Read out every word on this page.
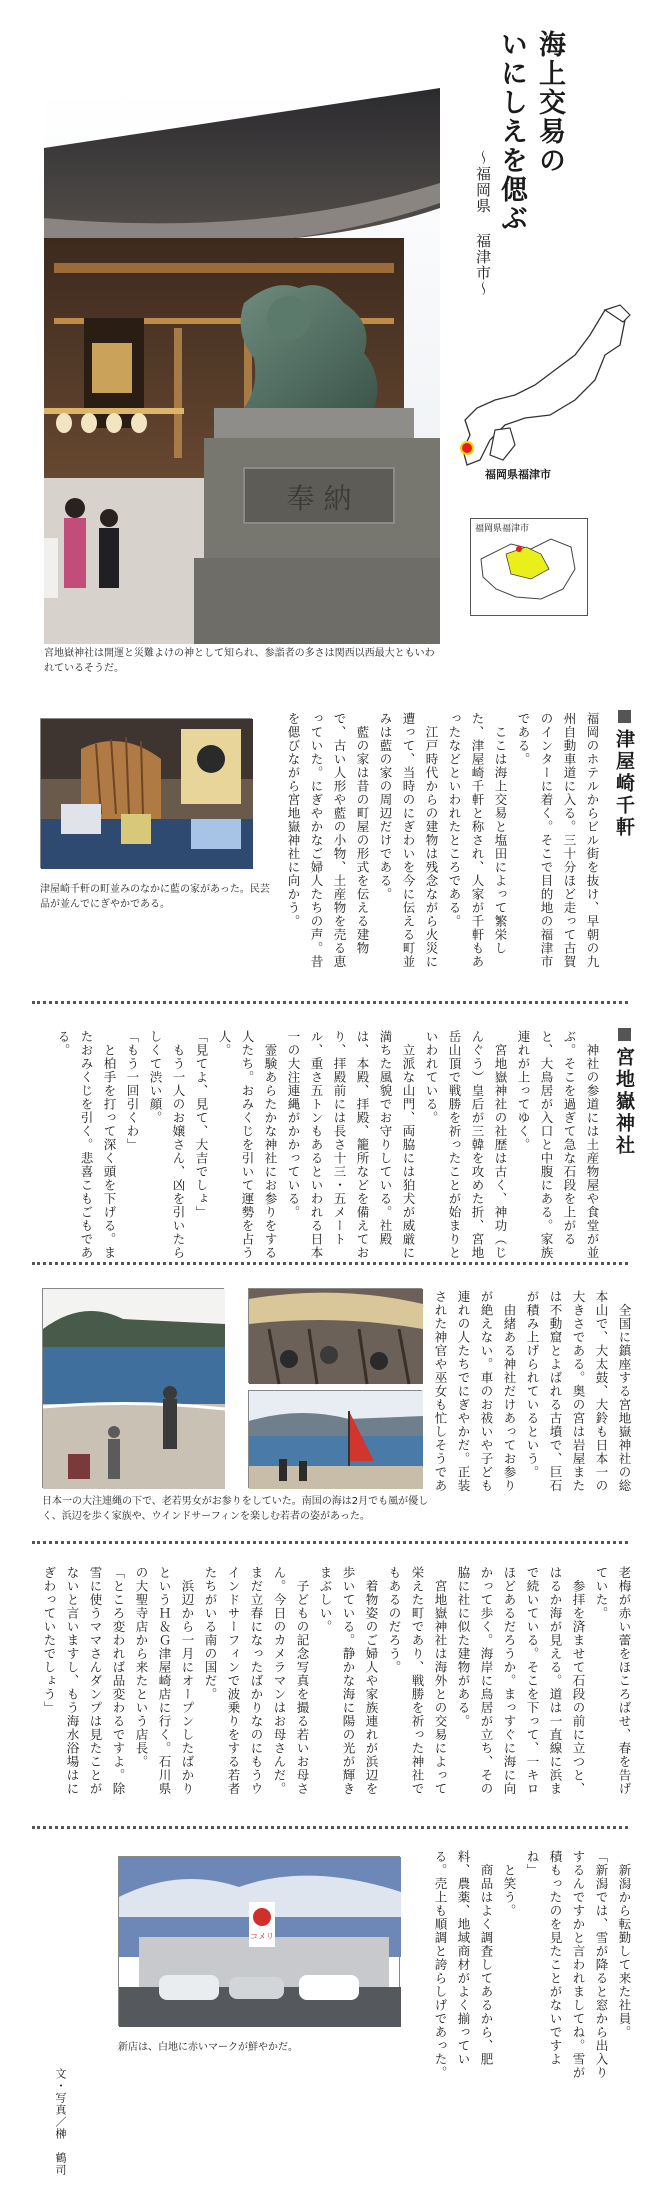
海上交易の
いにしえを偲ぶ
〜福岡県 福津市〜
奉 納
宮地嶽神社は開運と災難よけの神として知られ、参詣者の多さは関西以西最大ともいわれているそうだ。
福岡県福津市
福岡県福津市
津屋崎千軒
福岡のホテルからビル街を抜け、早朝の九州自動車道に入る。三十分ほど走って古賀のインターに着く。そこで目的地の福津市である。
　ここは海上交易と塩田によって繁栄した、津屋崎千軒と称され、人家が千軒もあったなどといわれたところである。
　江戸時代からの建物は残念ながら火災に遭って、当時のにぎわいを今に伝える町並みは藍の家の周辺だけである。
　藍の家は昔の町屋の形式を伝える建物で、古い人形や藍の小物、土産物を売る恵っていた。にぎやかなご婦人たちの声。昔を偲びながら宮地嶽神社に向かう。
津屋崎千軒の町並みのなかに藍の家があった。民芸品が並んでにぎやかである。
宮地嶽神社
　神社の参道には土産物屋や食堂が並ぶ。そこを過ぎて急な石段を上がると、大鳥居が入口と中腹にある。家族連れが上ってゆく。
　宮地嶽神社の社歴は古く、神功（じんぐう）皇后が三韓を攻めた折、宮地岳山頂で戦勝を祈ったことが始まりといわれている。
　立派な山門、両脇には狛犬が威厳に満ちた風貌でお守りしている。社殿は、本殿、拝殿、籠所などを備えており、拝殿前には長さ十三・五メートル、重さ五トンもあるといわれる日本一の大注連縄がかかっている。
　霊験あらたかな神社にお参りをする人たち。おみくじを引いて運勢を占う人。
「見てよ、見て、大吉でしょ」
　もう一人のお嬢さん、凶を引いたらしくて渋い顔。
「もう一回引くわ」
　と柏手を打って深く頭を下げる。またおみくじを引く。悲喜こもごもである。
　全国に鎮座する宮地嶽神社の総本山で、大太鼓、大鈴も日本一の大きさである。奥の宮は岩屋または不動窟とよばれる古墳で、巨石が積み上げられているという。
　由緒ある神社だけあってお参りが絶えない。車のお祓いや子ども連れの人たちでにぎやかだ。正装された神官や巫女も忙しそうであ
日本一の大注連縄の下で、老若男女がお参りをしていた。南国の海は2月でも風が優しく、浜辺を歩く家族や、ウインドサーフィンを楽しむ若者の姿があった。
老梅が赤い蕾をほころばせ、春を告げていた。
　参拝を済ませて石段の前に立つと、はるか海が見える。道は一直線に浜まで続いている。そこを下って、一キロほどあるだろうか。まっすぐに海に向かって歩く。海岸に鳥居が立ち、その脇に社に似た建物がある。
　宮地嶽神社は海外との交易によって栄えた町であり、戦勝を祈った神社でもあるのだろう。
　着物姿のご婦人や家族連れが浜辺を歩いている。静かな海に陽の光が輝きまぶしい。
　子どもの記念写真を撮る若いお母さん。今日のカメラマンはお母さんだ。まだ立春になったばかりなのにもうウインドサーフィンで波乗りをする若者たちがいる南の国だ。
　浜辺から一月にオープンしたばかりというＨ＆Ｇ津屋崎店に行く。石川県の大聖寺店から来たという店長。
「ところ変われば品変わるですよ。除雪に使うママさんダンプは見たことがないと言いますし、もう海水浴場はにぎわっていたでしょう」
　新潟から転勤して来た社員。
「新潟では、雪が降ると窓から出入りするんですかと言われましてね。雪が積もったのを見たことがないですよね」
　と笑う。
　商品はよく調査してあるから、肥料、農薬、地域商材がよく揃っている。売上も順調と誇らしげであった。
コメリ
新店は、白地に赤いマークが鮮やかだ。
文・写真／榊　鶴司
